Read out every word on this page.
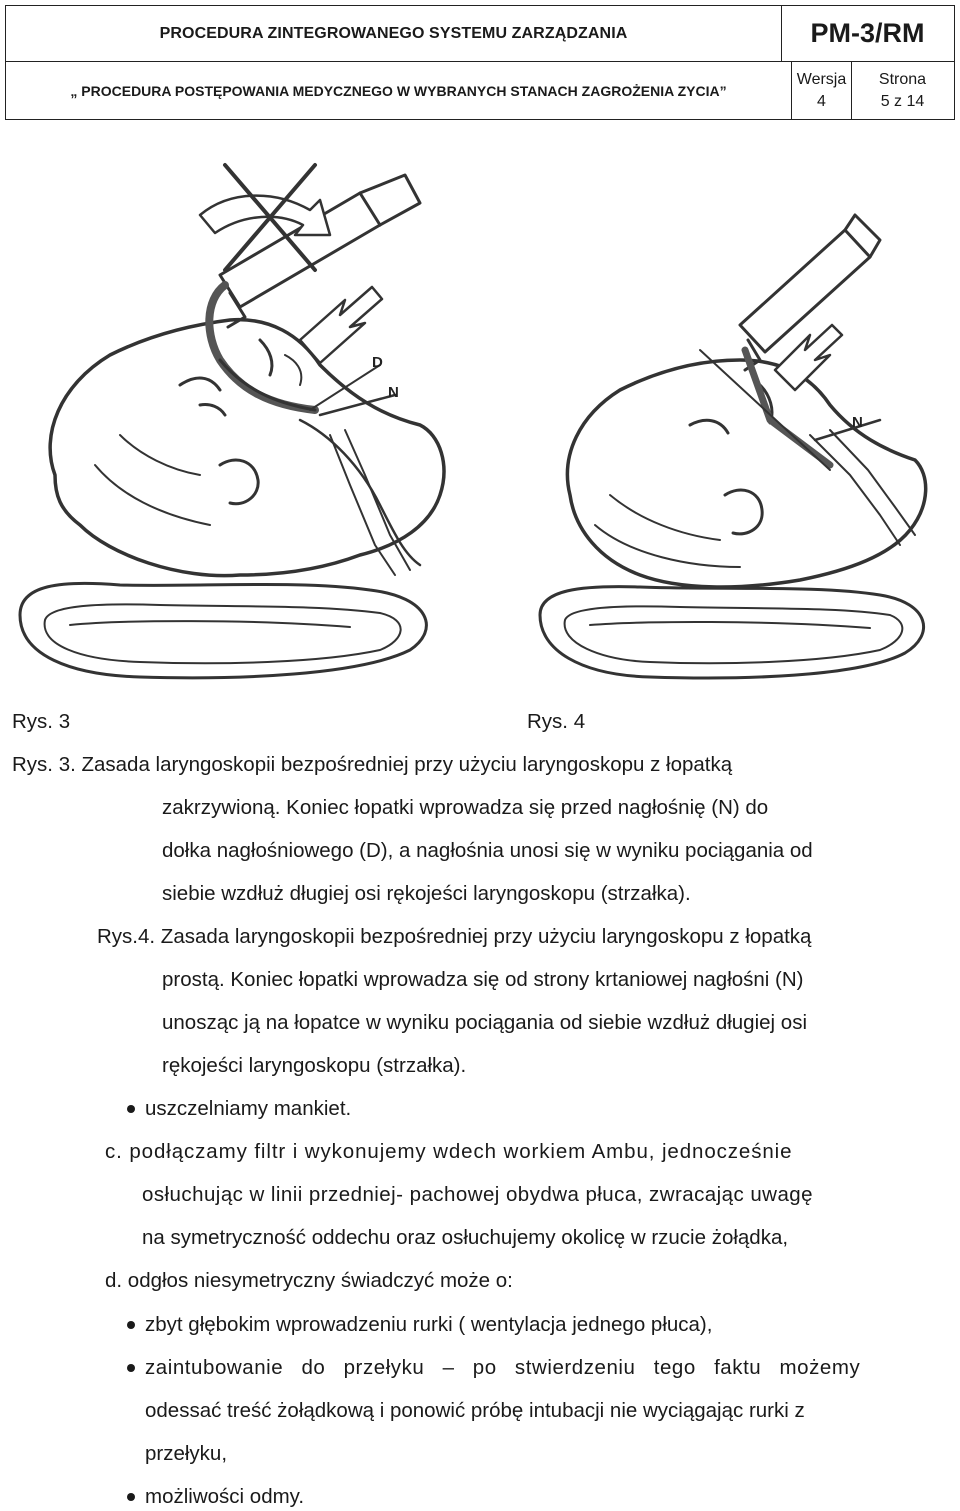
PROCEDURA ZINTEGROWANEGO SYSTEMU ZARZĄDZANIA	PM-3/RM
„ PROCEDURA POSTĘPOWANIA MEDYCZNEGO W WYBRANYCH STANACH ZAGROŻENIA ZYCIA”
Wersja
4
Strona
5 z 14
D
N
N
Rys. 3	Rys. 4
Rys. 3. Zasada laryngoskopii bezpośredniej przy użyciu laryngoskopu z łopatką
zakrzywioną. Koniec łopatki wprowadza się przed nagłośnię (N) do
dołka nagłośniowego (D), a nagłośnia unosi się w wyniku pociągania od
siebie wzdłuż długiej osi rękojeści laryngoskopu (strzałka).
Rys.4. Zasada laryngoskopii bezpośredniej przy użyciu laryngoskopu z łopatką
prostą. Koniec łopatki wprowadza się od strony krtaniowej nagłośni (N)
unosząc ją na łopatce w wyniku pociągania od siebie wzdłuż długiej osi
rękojeści laryngoskopu (strzałka).
uszczelniamy mankiet.
c. podłączamy filtr i wykonujemy wdech workiem Ambu, jednocześnie
osłuchując w linii przedniej- pachowej obydwa płuca, zwracając uwagę
na symetryczność oddechu oraz osłuchujemy okolicę w rzucie żołądka,
d. odgłos niesymetryczny świadczyć może o:
zbyt głębokim wprowadzeniu rurki ( wentylacja jednego płuca),
zaintubowanie do przełyku – po stwierdzeniu tego faktu możemy
odessać treść żołądkową i ponowić próbę intubacji nie wyciągając rurki z
przełyku,
możliwości odmy.
